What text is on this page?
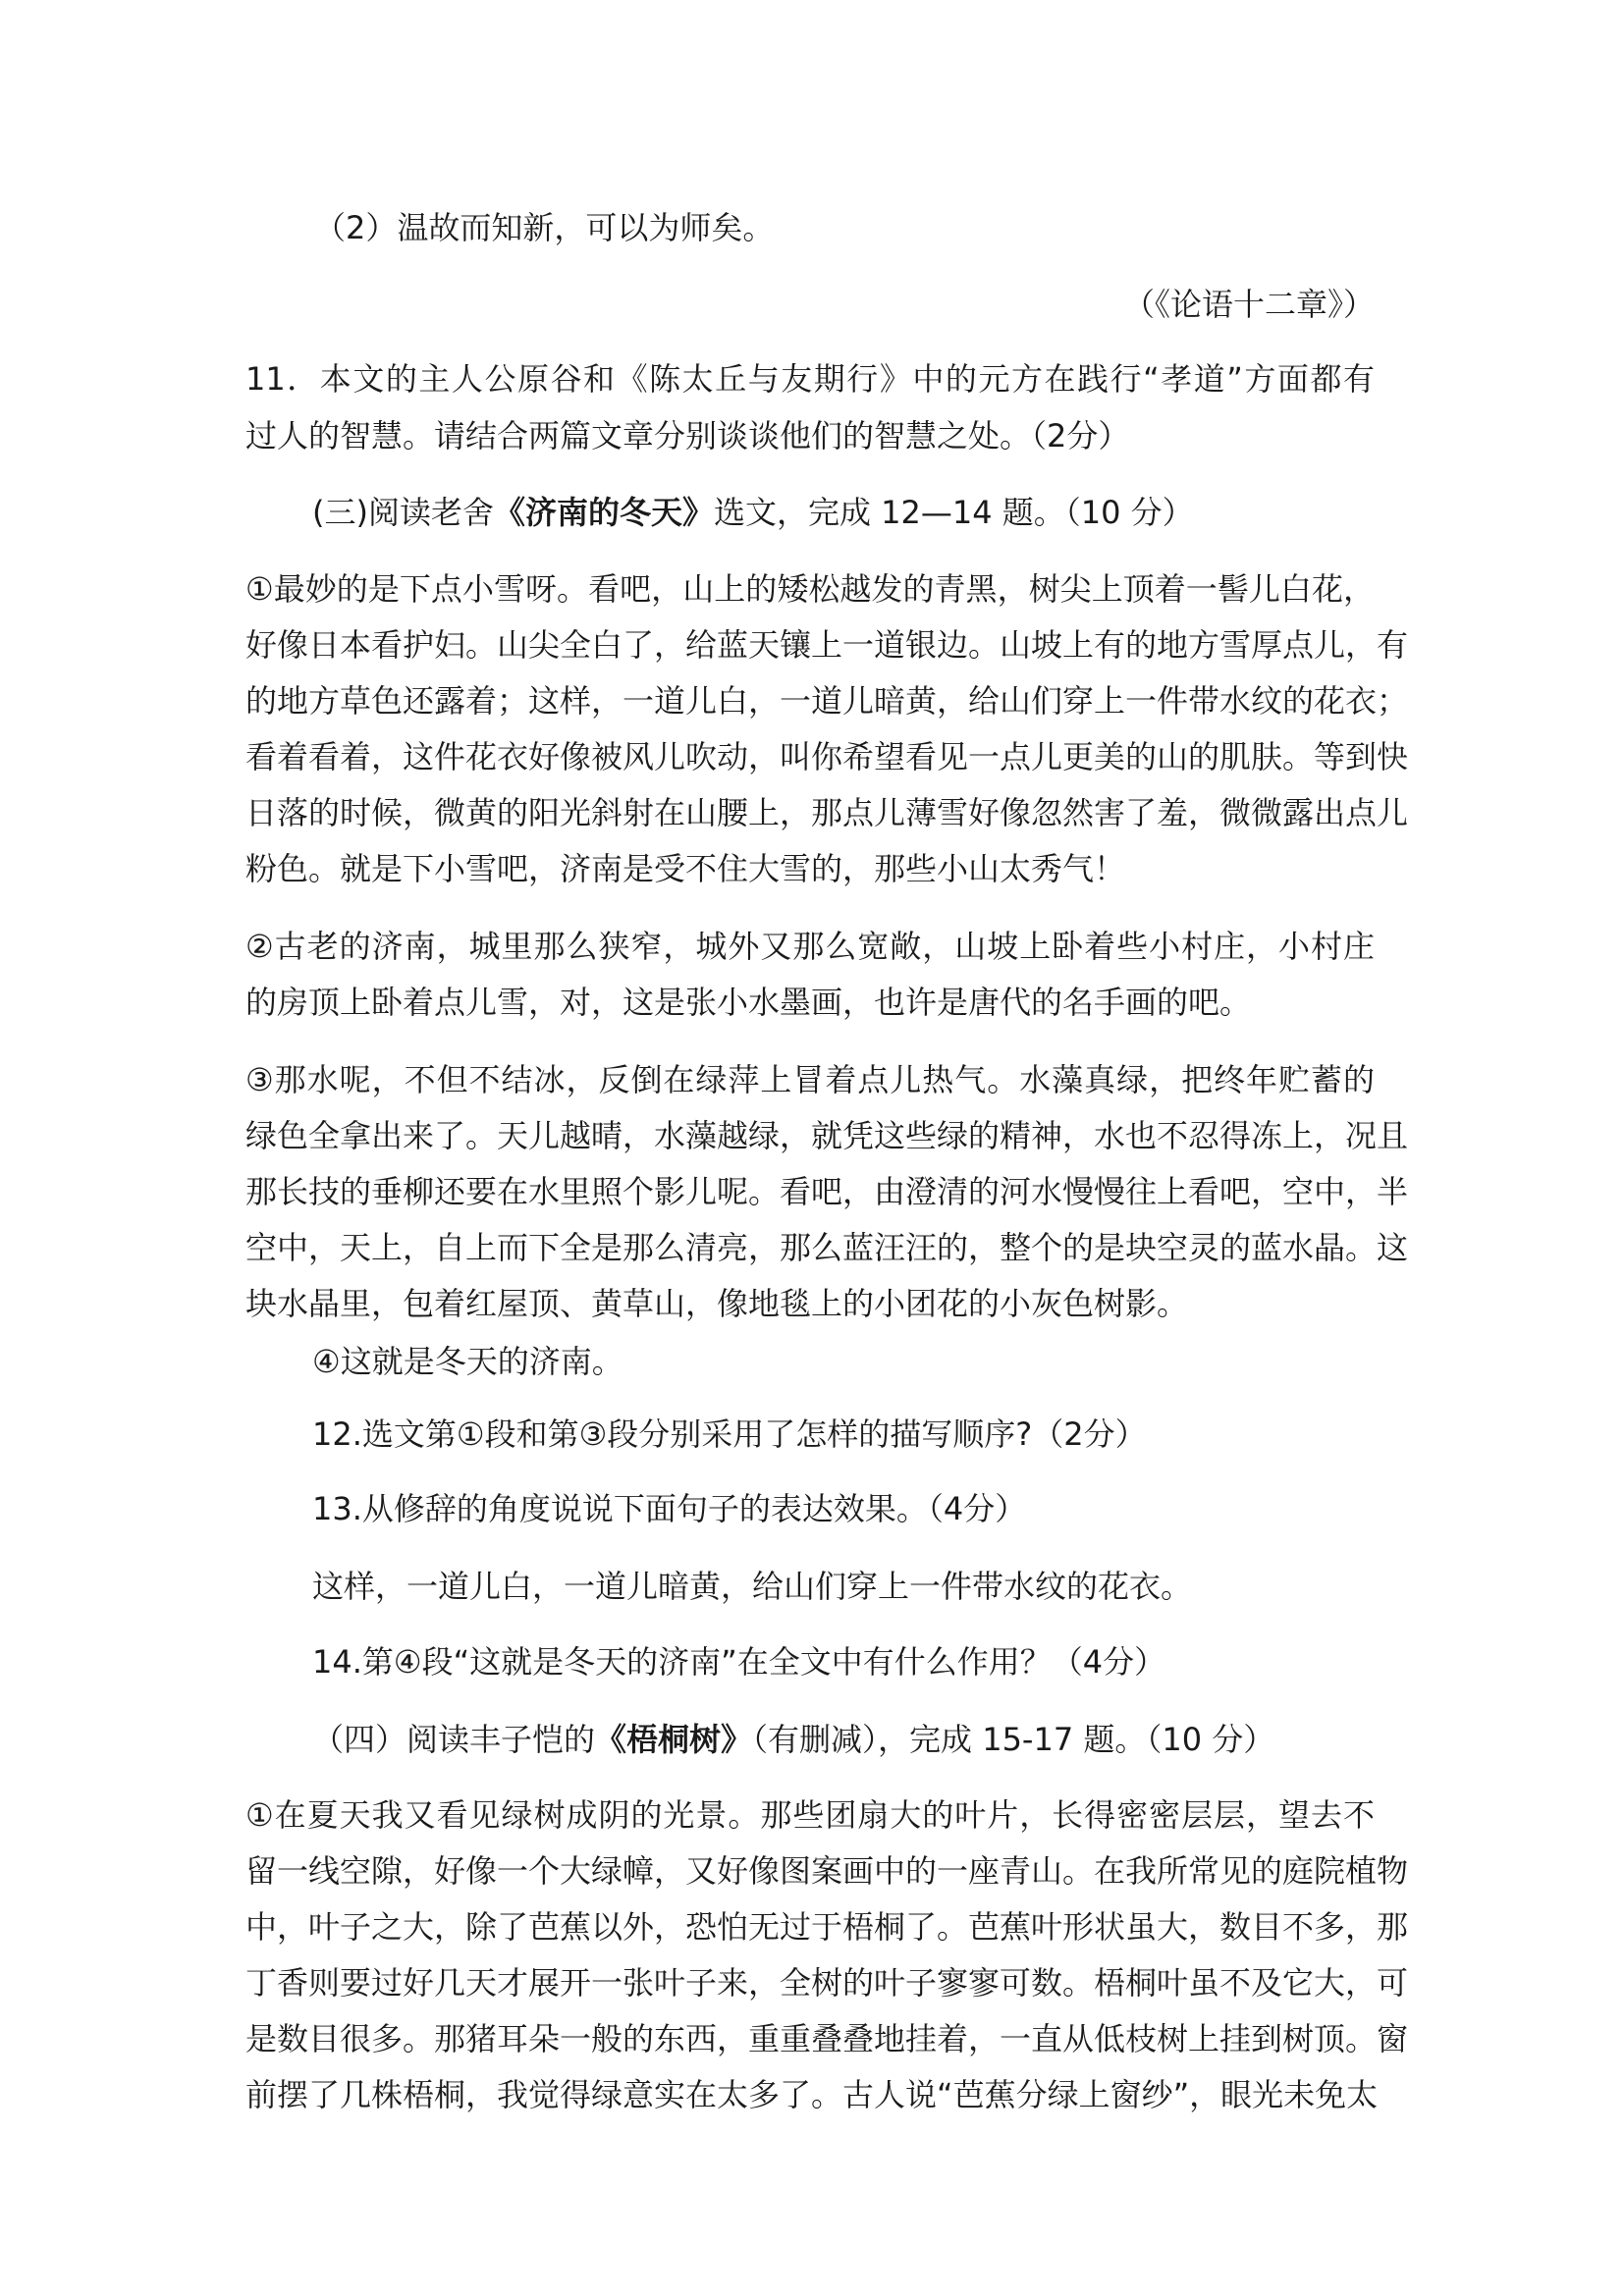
（2）温故而知新，可以为师矣。
（《论语十二章》）
11．本文的主人公原谷和《陈太丘与友期行》中的元方在践行“孝道”方面都有
过人的智慧。请结合两篇文章分别谈谈他们的智慧之处。（2分）
(三)阅读老舍《济南的冬天》选文，完成 12—14 题。（10 分）
①最妙的是下点小雪呀。看吧，山上的矮松越发的青黑，树尖上顶着一髻儿白花，
好像日本看护妇。山尖全白了，给蓝天镶上一道银边。山坡上有的地方雪厚点儿，有
的地方草色还露着；这样，一道儿白，一道儿暗黄，给山们穿上一件带水纹的花衣；
看着看着，这件花衣好像被风儿吹动，叫你希望看见一点儿更美的山的肌肤。等到快
日落的时候，微黄的阳光斜射在山腰上，那点儿薄雪好像忽然害了羞，微微露出点儿
粉色。就是下小雪吧，济南是受不住大雪的，那些小山太秀气！
②古老的济南，城里那么狭窄，城外又那么宽敞，山坡上卧着些小村庄，小村庄
的房顶上卧着点儿雪，对，这是张小水墨画，也许是唐代的名手画的吧。
③那水呢，不但不结冰，反倒在绿萍上冒着点儿热气。水藻真绿，把终年贮蓄的
绿色全拿出来了。天儿越晴，水藻越绿，就凭这些绿的精神，水也不忍得冻上，况且
那长技的垂柳还要在水里照个影儿呢。看吧，由澄清的河水慢慢往上看吧，空中，半
空中，天上，自上而下全是那么清亮，那么蓝汪汪的，整个的是块空灵的蓝水晶。这
块水晶里，包着红屋顶、黄草山，像地毯上的小团花的小灰色树影。
④这就是冬天的济南。
12.选文第①段和第③段分别采用了怎样的描写顺序?（2分）
13.从修辞的角度说说下面句子的表达效果。（4分）
这样，一道儿白，一道儿暗黄，给山们穿上一件带水纹的花衣。
14.第④段“这就是冬天的济南”在全文中有什么作用？（4分）
（四）阅读丰子恺的《梧桐树》（有删减），完成 15-17 题。（10 分）
①在夏天我又看见绿树成阴的光景。那些团扇大的叶片，长得密密层层，望去不
留一线空隙，好像一个大绿幛，又好像图案画中的一座青山。在我所常见的庭院植物
中，叶子之大，除了芭蕉以外，恐怕无过于梧桐了。芭蕉叶形状虽大，数目不多，那
丁香则要过好几天才展开一张叶子来，全树的叶子寥寥可数。梧桐叶虽不及它大，可
是数目很多。那猪耳朵一般的东西，重重叠叠地挂着，一直从低枝树上挂到树顶。窗
前摆了几株梧桐，我觉得绿意实在太多了。古人说“芭蕉分绿上窗纱”，眼光未免太
